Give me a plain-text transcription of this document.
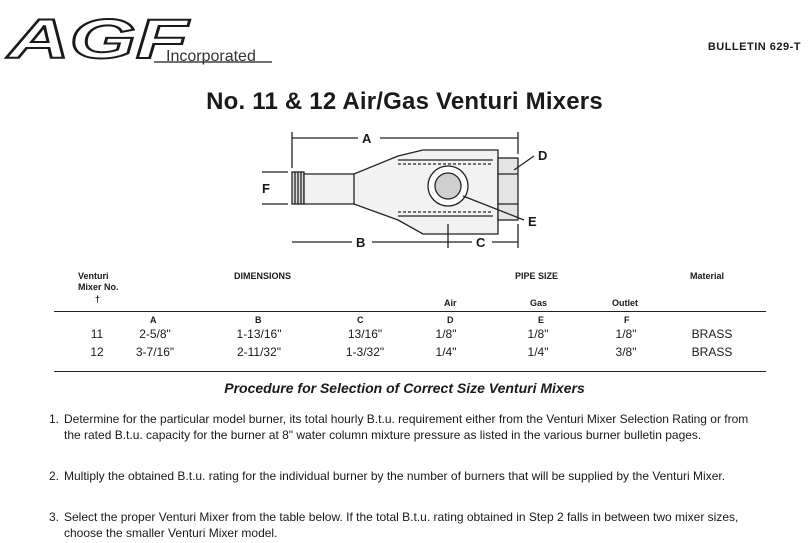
AGF
Incorporated
BULLETIN 629-T
No. 11 & 12 Air/Gas Venturi Mixers
A
B	C
D
E
F
Venturi
Mixer No.
†
DIMENSIONS	PIPE SIZE	Material
Air	Gas	Outlet
A	B	C	D	E	F
11	2-5/8"	1-13/16"	13/16"	1/8"	1/8"	1/8"	BRASS
12	3-7/16"	2-11/32"	1-3/32"	1/4"	1/4"	3/8"	BRASS
Procedure for Selection of Correct Size Venturi Mixers
1. Determine for the particular model burner, its total hourly B.t.u. requirement either from the Venturi Mixer Selection Rating or from the rated B.t.u. capacity for the burner at 8" water column mixture pressure as listed in the various burner bulletin pages.
2. Multiply the obtained B.t.u. rating for the individual burner by the number of burners that will be supplied by the Venturi Mixer.
3. Select the proper Venturi Mixer from the table below. If the total B.t.u. rating obtained in Step 2 falls in between two mixer sizes, choose the smaller Venturi Mixer model.
